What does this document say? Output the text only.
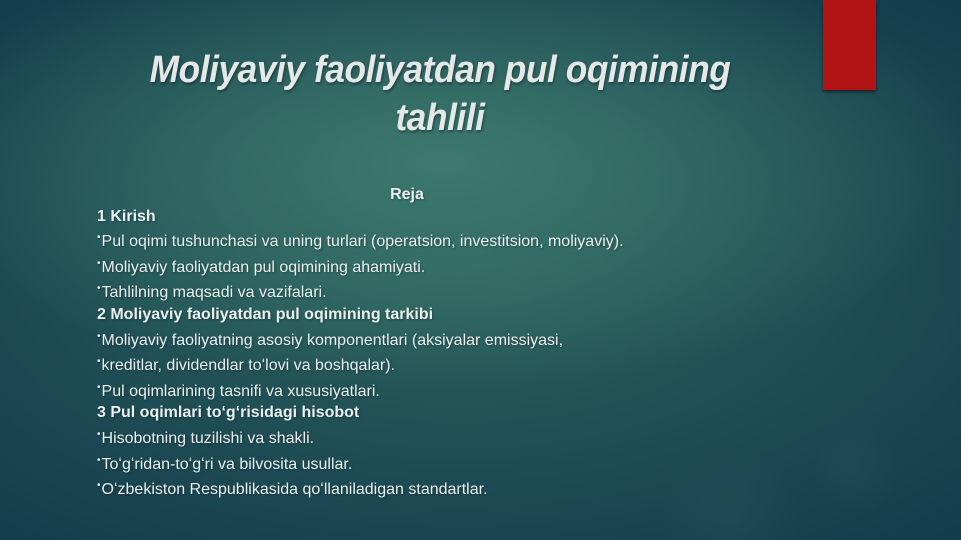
Moliyaviy faoliyatdan pul oqimining
tahlili
Reja
1 Kirish
•Pul oqimi tushunchasi va uning turlari (operatsion, investitsion, moliyaviy).
•Moliyaviy faoliyatdan pul oqimining ahamiyati.
•Tahlilning maqsadi va vazifalari.
2 Moliyaviy faoliyatdan pul oqimining tarkibi
•Moliyaviy faoliyatning asosiy komponentlari (aksiyalar emissiyasi,
•kreditlar, dividendlar toʻlovi va boshqalar).
•Pul oqimlarining tasnifi va xususiyatlari.
3 Pul oqimlari toʻgʻrisidagi hisobot
•Hisobotning tuzilishi va shakli.
•Toʻgʻridan-toʻgʻri va bilvosita usullar.
•Oʻzbekiston Respublikasida qoʻllaniladigan standartlar.
